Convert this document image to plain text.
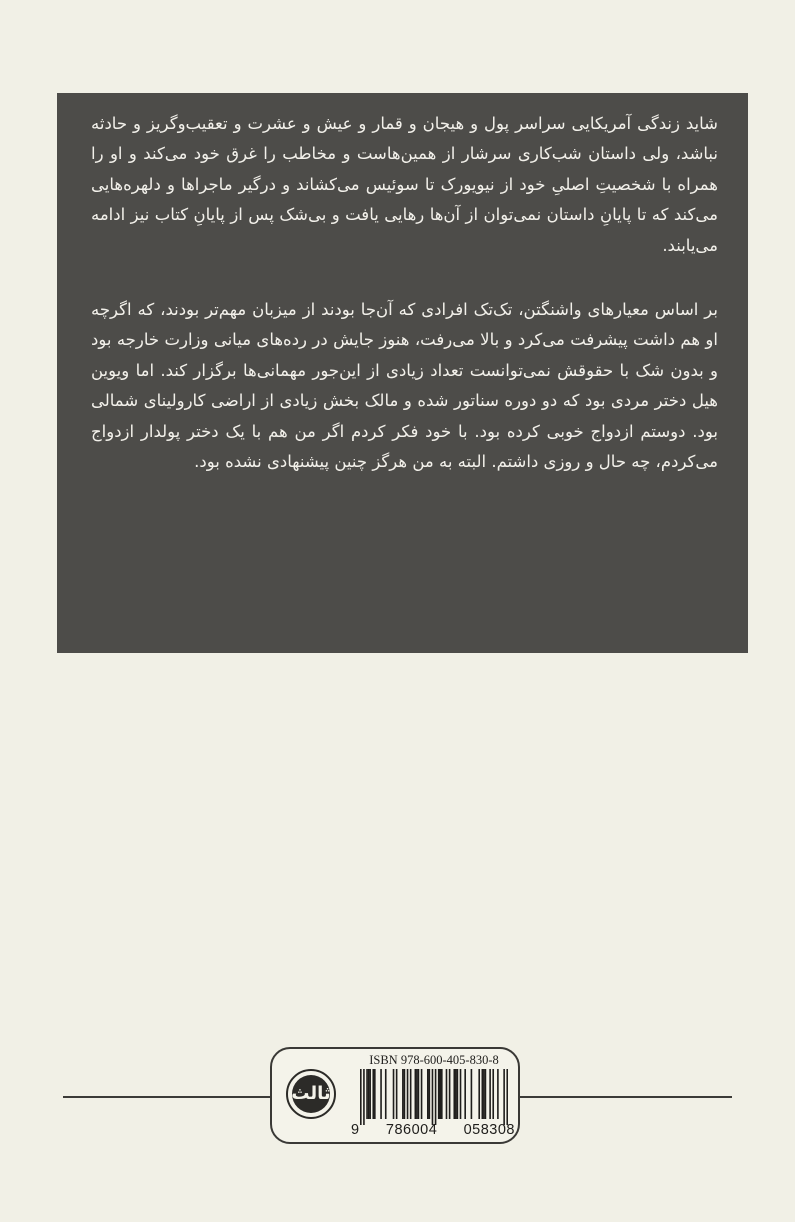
شاید زندگی آمریکایی سراسر پول و هیجان و قمار و عیش و عشرت و تعقیب‌وگریز و حادثه نباشد، ولی داستان شب‌کاری سرشار از همین‌هاست و مخاطب را غرق خود می‌کند و او را همراه با شخصیتِ اصلیِ خود از نیویورک تا سوئیس می‌کشاند و درگیر ماجراها و دلهره‌هایی می‌کند که تا پایانِ داستان نمی‌توان از آن‌ها رهایی یافت و بی‌شک پس از پایانِ کتاب نیز ادامه می‌یابند.

بر اساس معیارهای واشنگتن، تک‌تک افرادی که آن‌جا بودند از میزبان مهم‌تر بودند، که اگرچه او هم داشت پیشرفت می‌کرد و بالا می‌رفت، هنوز جایش در رده‌های میانی وزارت خارجه بود و بدون شک با حقوقش نمی‌توانست تعداد زیادی از این‌جور مهمانی‌ها برگزار کند. اما ویوین هیل دختر مردی بود که دو دوره سناتور شده و مالک بخش زیادی از اراضی کارولینای شمالی بود. دوستم ازدواج خوبی کرده بود. با خود فکر کردم اگر من هم با یک دختر پولدار ازدواج می‌کردم، چه حال و روزی داشتم. البته به من هرگز چنین پیشنهادی نشده بود.

ثالث
ISBN 978-600-405-830-8
9 786004 058308
